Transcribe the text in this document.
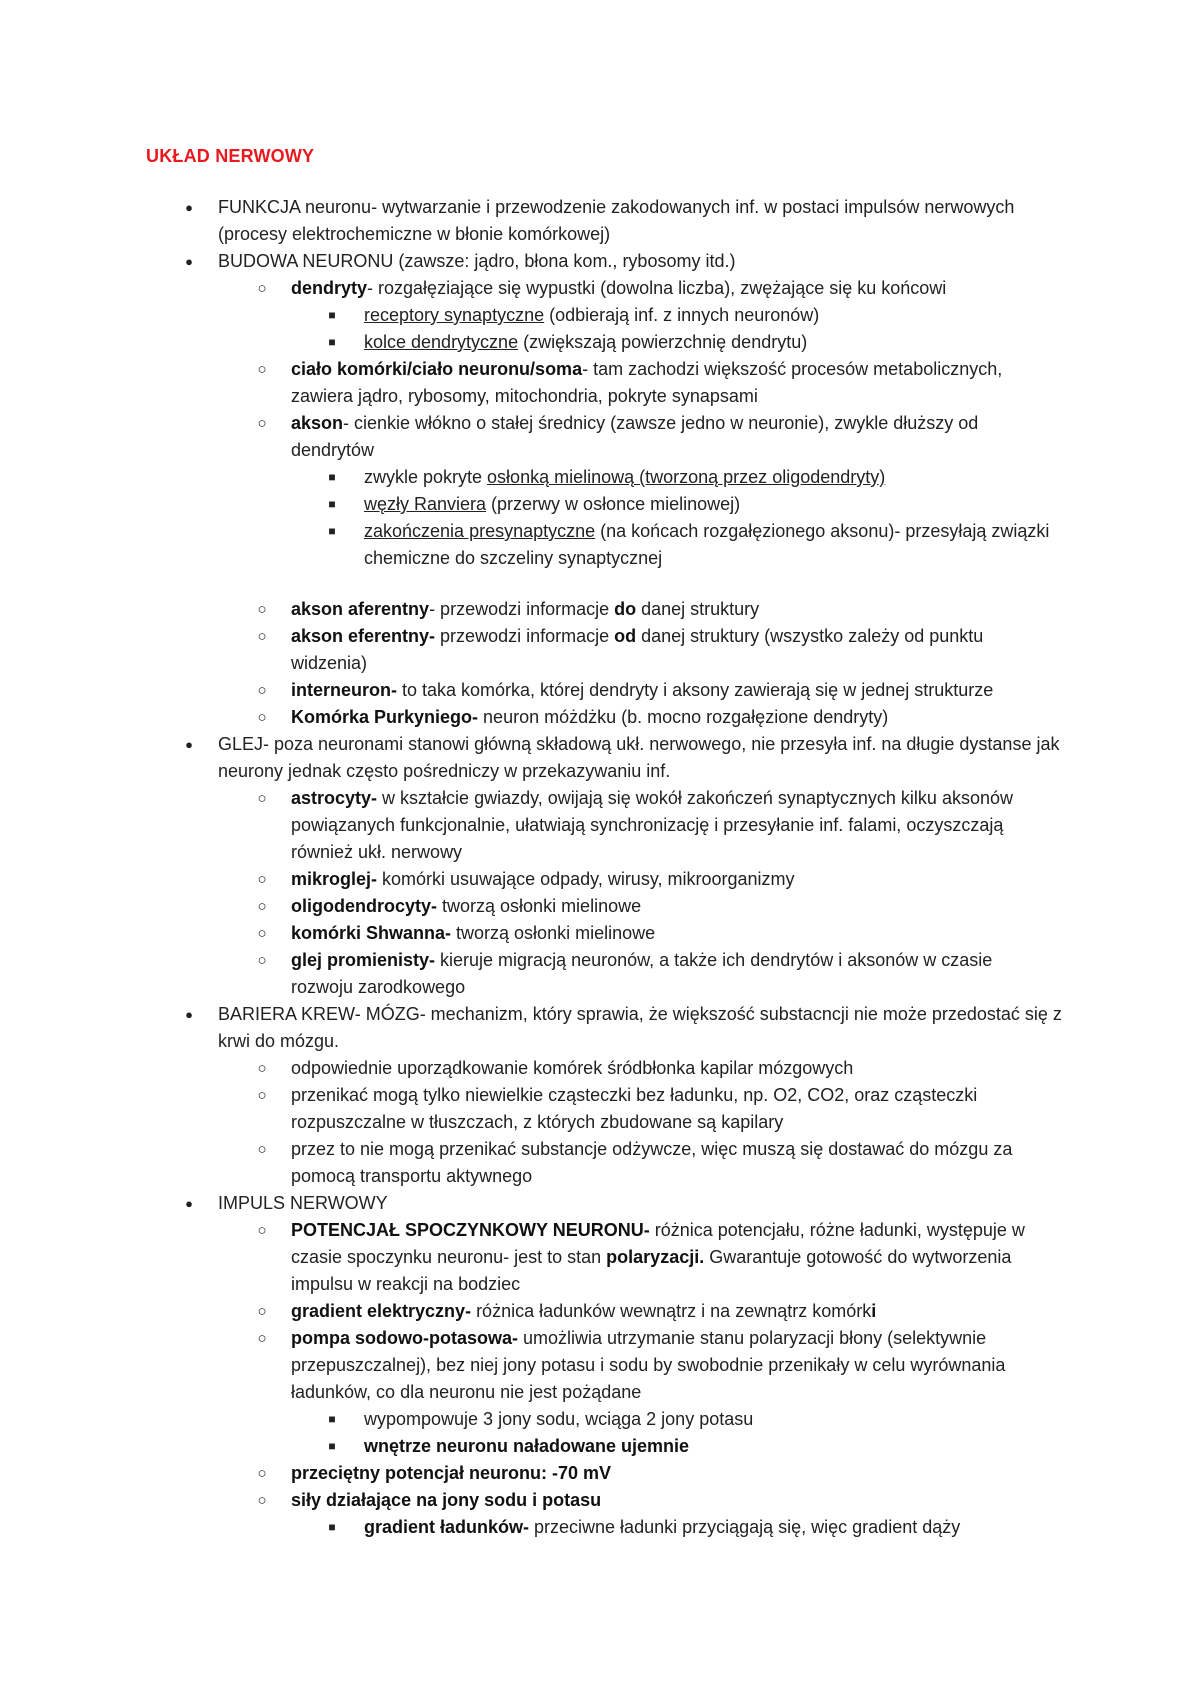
UKŁAD NERWOWY
● FUNKCJA neuronu- wytwarzanie i przewodzenie zakodowanych inf. w postaci impulsów nerwowych (procesy elektrochemiczne w błonie komórkowej)
● BUDOWA NEURONU (zawsze: jądro, błona kom., rybosomy itd.)
○ dendryty- rozgałęziające się wypustki (dowolna liczba), zwężające się ku końcowi
■ receptory synaptyczne (odbierają inf. z innych neuronów)
■ kolce dendrytyczne (zwiększają powierzchnię dendrytu)
○ ciało komórki/ciało neuronu/soma- tam zachodzi większość procesów metabolicznych, zawiera jądro, rybosomy, mitochondria, pokryte synapsami
○ akson- cienkie włókno o stałej średnicy (zawsze jedno w neuronie), zwykle dłuższy od dendrytów
■ zwykle pokryte osłonką mielinową (tworzoną przez oligodendryty)
■ węzły Ranviera (przerwy w osłonce mielinowej)
■ zakończenia presynaptyczne (na końcach rozgałęzionego aksonu)- przesyłają związki chemiczne do szczeliny synaptycznej
○ akson aferentny- przewodzi informacje do danej struktury
○ akson eferentny- przewodzi informacje od danej struktury (wszystko zależy od punktu widzenia)
○ interneuron- to taka komórka, której dendryty i aksony zawierają się w jednej strukturze
○ Komórka Purkyniego- neuron móżdżku (b. mocno rozgałęzione dendryty)
● GLEJ- poza neuronami stanowi główną składową ukł. nerwowego, nie przesyła inf. na długie dystanse jak neurony jednak często pośredniczy w przekazywaniu inf.
○ astrocyty- w kształcie gwiazdy, owijają się wokół zakończeń synaptycznych kilku aksonów powiązanych funkcjonalnie, ułatwiają synchronizację i przesyłanie inf. falami, oczyszczają również ukł. nerwowy
○ mikroglej- komórki usuwające odpady, wirusy, mikroorganizmy
○ oligodendrocyty- tworzą osłonki mielinowe
○ komórki Shwanna- tworzą osłonki mielinowe
○ glej promienisty- kieruje migracją neuronów, a także ich dendrytów i aksonów w czasie rozwoju zarodkowego
● BARIERA KREW- MÓZG- mechanizm, który sprawia, że większość substacncji nie może przedostać się z krwi do mózgu.
○ odpowiednie uporządkowanie komórek śródbłonka kapilar mózgowych
○ przenikać mogą tylko niewielkie cząsteczki bez ładunku, np. O2, CO2, oraz cząsteczki rozpuszczalne w tłuszczach, z których zbudowane są kapilary
○ przez to nie mogą przenikać substancje odżywcze, więc muszą się dostawać do mózgu za pomocą transportu aktywnego
● IMPULS NERWOWY
○ POTENCJAŁ SPOCZYNKOWY NEURONU- różnica potencjału, różne ładunki, występuje w czasie spoczynku neuronu- jest to stan polaryzacji. Gwarantuje gotowość do wytworzenia impulsu w reakcji na bodziec
○ gradient elektryczny- różnica ładunków wewnątrz i na zewnątrz komórki
○ pompa sodowo-potasowa- umożliwia utrzymanie stanu polaryzacji błony (selektywnie przepuszczalnej), bez niej jony potasu i sodu by swobodnie przenikały w celu wyrównania ładunków, co dla neuronu nie jest pożądane
■ wypompowuje 3 jony sodu, wciąga 2 jony potasu
■ wnętrze neuronu naładowane ujemnie
○ przeciętny potencjał neuronu: -70 mV
○ siły działające na jony sodu i potasu
■ gradient ładunków- przeciwne ładunki przyciągają się, więc gradient dąży
